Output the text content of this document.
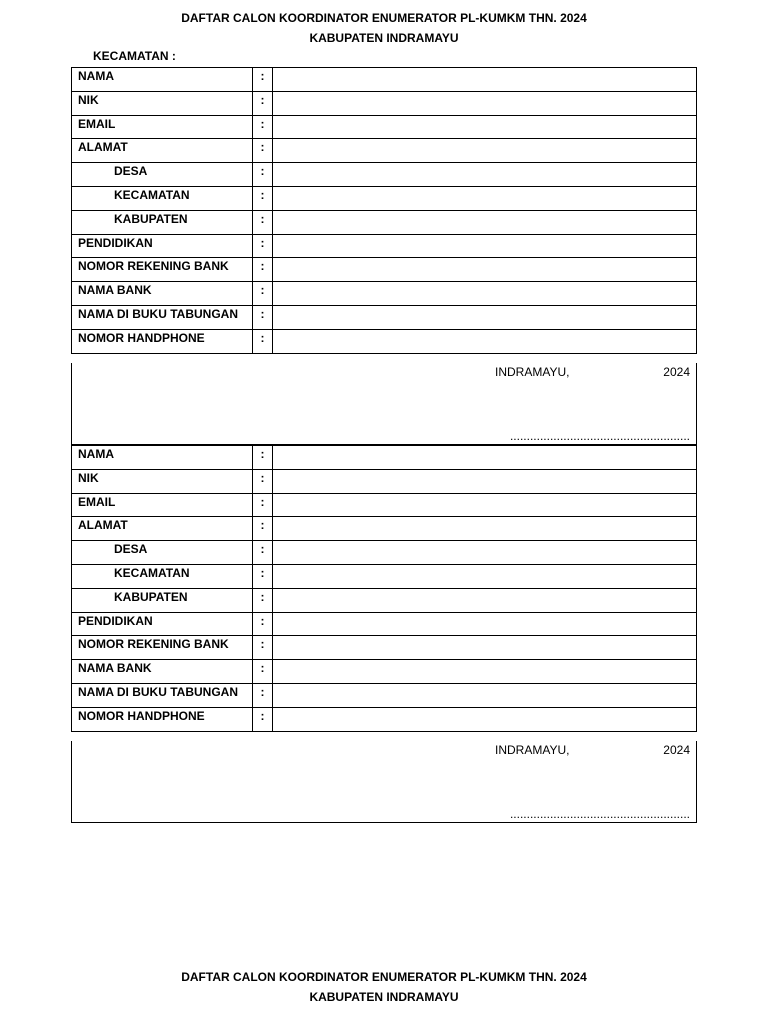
DAFTAR CALON KOORDINATOR ENUMERATOR PL-KUMKM THN. 2024
KABUPATEN INDRAMAYU
KECAMATAN :
NAMA	:	
NIK	:	
EMAIL	:	
ALAMAT	:	
DESA	:	
KECAMATAN	:	
KABUPATEN	:	
PENDIDIKAN	:	
NOMOR REKENING BANK	:	
NAMA BANK	:	
NAMA DI BUKU TABUNGAN	:	
NOMOR HANDPHONE	:	
INDRAMAYU,	2024
......................................................
NAMA	:	
NIK	:	
EMAIL	:	
ALAMAT	:	
DESA	:	
KECAMATAN	:	
KABUPATEN	:	
PENDIDIKAN	:	
NOMOR REKENING BANK	:	
NAMA BANK	:	
NAMA DI BUKU TABUNGAN	:	
NOMOR HANDPHONE	:	
INDRAMAYU,	2024
......................................................
DAFTAR CALON KOORDINATOR ENUMERATOR PL-KUMKM THN. 2024
KABUPATEN INDRAMAYU
